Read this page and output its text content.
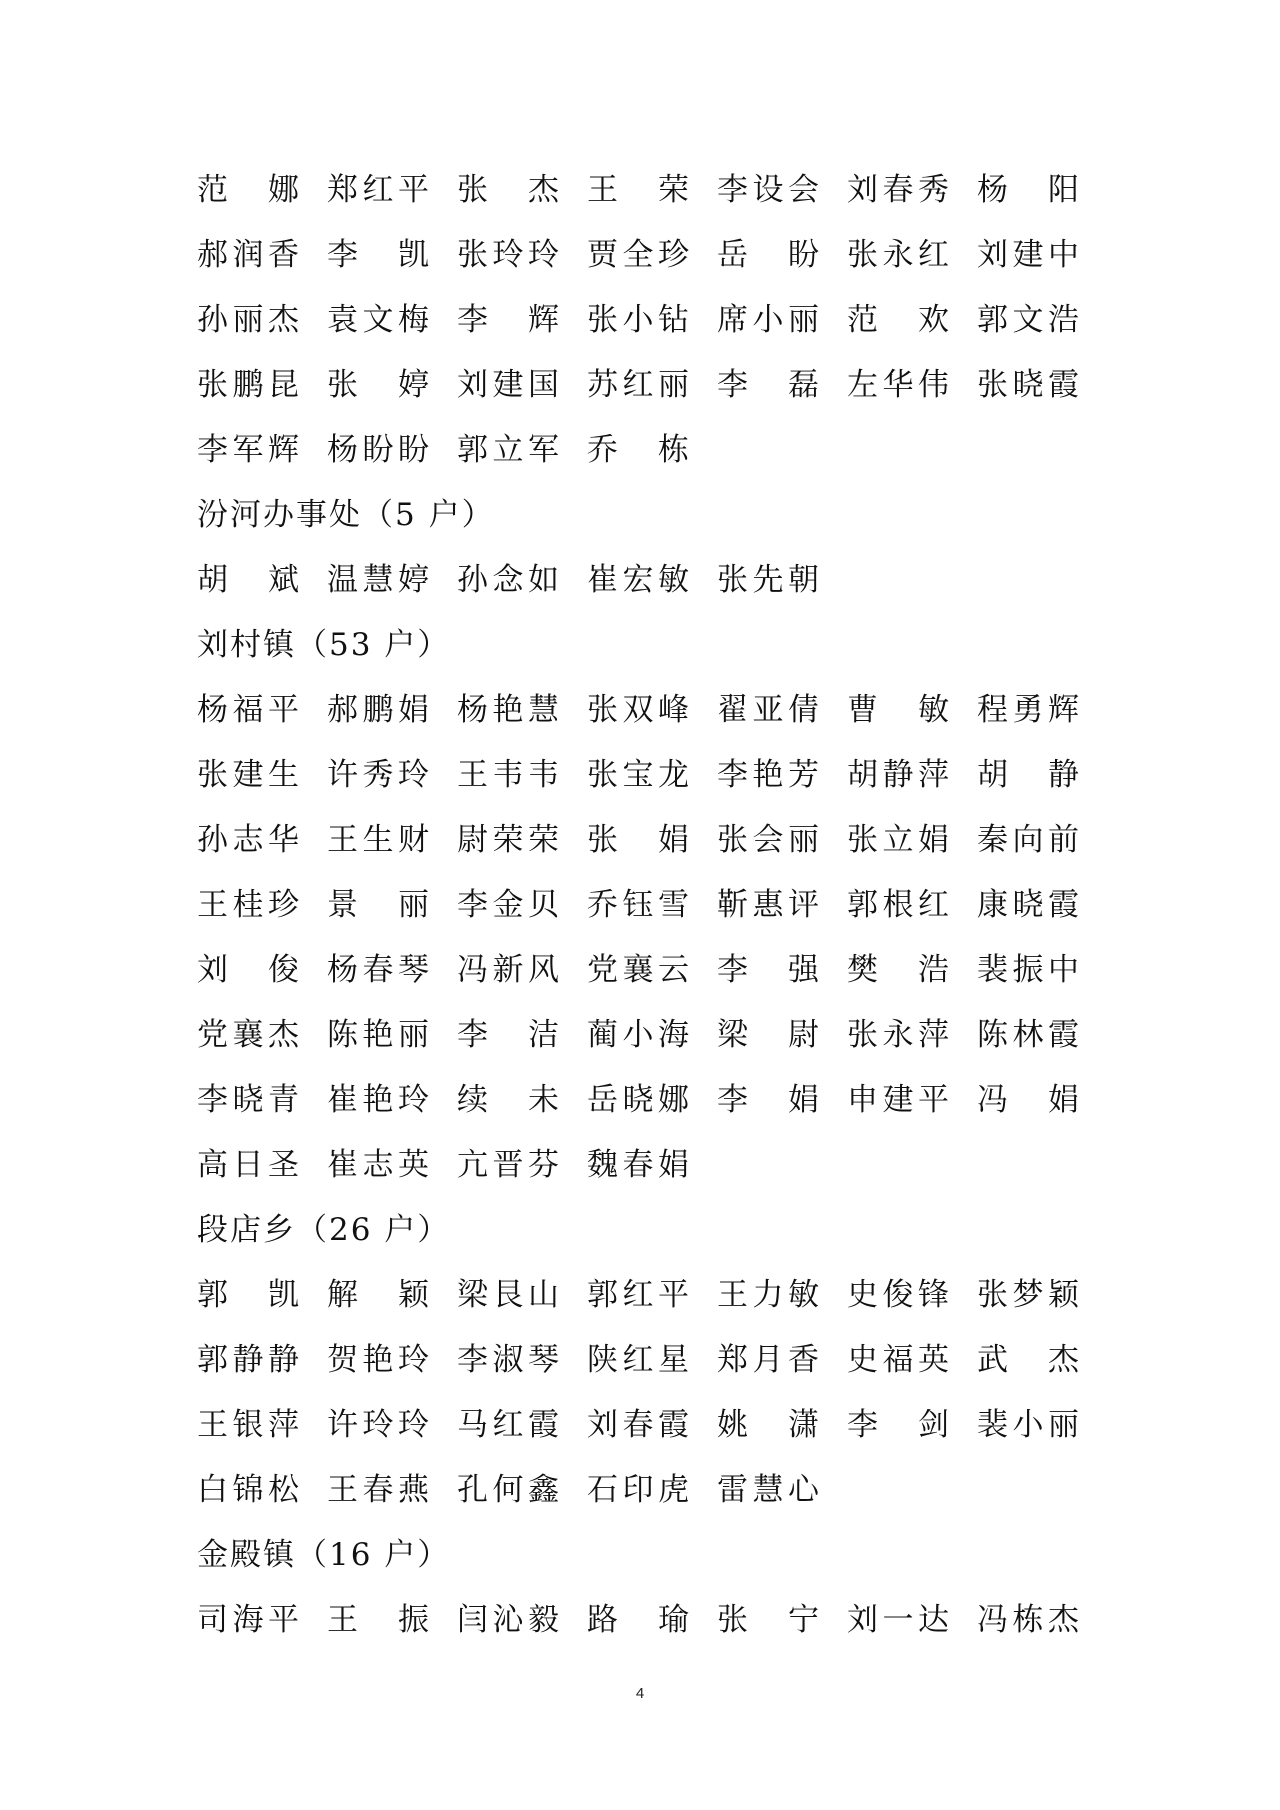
范 娜 郑 红 平 张 杰 王 荣 李 设 会 刘 春 秀 杨 阳
郝 润 香 李 凯 张 玲 玲 贾 全 珍 岳 盼 张 永 红 刘 建 中
孙 丽 杰 袁 文 梅 李 辉 张 小 钻 席 小 丽 范 欢 郭 文 浩
张 鹏 昆 张 婷 刘 建 国 苏 红 丽 李 磊 左 华 伟 张 晓 霞
李 军 辉 杨 盼 盼 郭 立 军 乔 栋
汾河办事处（5 户）
胡 斌 温 慧 婷 孙 念 如 崔 宏 敏 张 先 朝
刘村镇（53 户）
杨 福 平 郝 鹏 娟 杨 艳 慧 张 双 峰 翟 亚 倩 曹 敏 程 勇 辉
张 建 生 许 秀 玲 王 韦 韦 张 宝 龙 李 艳 芳 胡 静 萍 胡 静
孙 志 华 王 生 财 尉 荣 荣 张 娟 张 会 丽 张 立 娟 秦 向 前
王 桂 珍 景 丽 李 金 贝 乔 钰 雪 靳 惠 评 郭 根 红 康 晓 霞
刘 俊 杨 春 琴 冯 新 风 党 襄 云 李 强 樊 浩 裴 振 中
党 襄 杰 陈 艳 丽 李 洁 蔺 小 海 梁 尉 张 永 萍 陈 林 霞
李 晓 青 崔 艳 玲 续 未 岳 晓 娜 李 娟 申 建 平 冯 娟
高 日 圣 崔 志 英 亢 晋 芬 魏 春 娟
段店乡（26 户）
郭 凯 解 颖 梁 艮 山 郭 红 平 王 力 敏 史 俊 锋 张 梦 颖
郭 静 静 贺 艳 玲 李 淑 琴 陕 红 星 郑 月 香 史 福 英 武 杰
王 银 萍 许 玲 玲 马 红 霞 刘 春 霞 姚 潇 李 剑 裴 小 丽
白 锦 松 王 春 燕 孔 何 鑫 石 印 虎 雷 慧 心
金殿镇（16 户）
司 海 平 王 振 闫 沁 毅 路 瑜 张 宁 刘 一 达 冯 栋 杰
4
